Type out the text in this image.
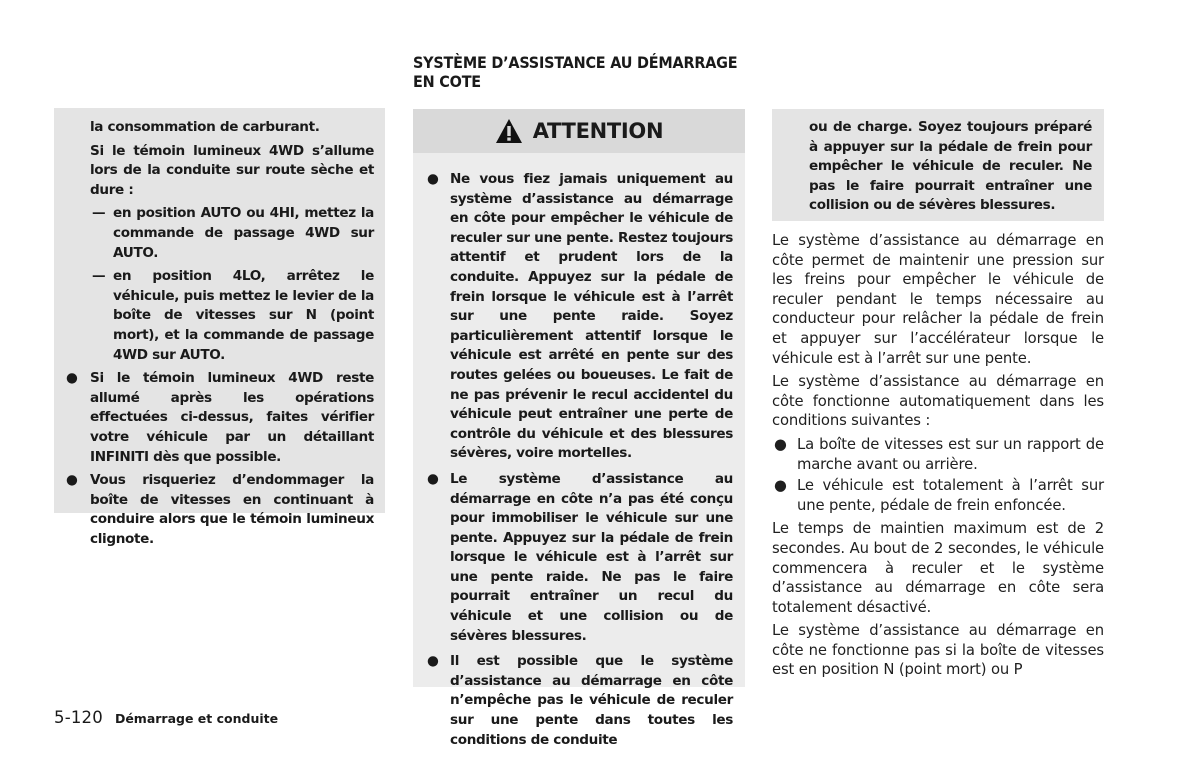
SYSTÈME D’ASSISTANCE AU DÉMARRAGE
EN COTE

la consommation de carburant.

Si le témoin lumineux 4WD s’allume lors de la conduite sur route sèche et dure :

— en position AUTO ou 4HI, mettez la commande de passage 4WD sur AUTO.
— en position 4LO, arrêtez le véhicule, puis mettez le levier de la boîte de vitesses sur N (point mort), et la commande de passage 4WD sur AUTO.
● Si le témoin lumineux 4WD reste allumé après les opérations effectuées ci-dessus, faites vérifier votre véhicule par un détaillant INFINITI dès que possible.
● Vous risqueriez d’endommager la boîte de vitesses en continuant à conduire alors que le témoin lumineux clignote.
ATTENTION
● Ne vous fiez jamais uniquement au système d’assistance au démarrage en côte pour empêcher le véhicule de reculer sur une pente. Restez toujours attentif et prudent lors de la conduite. Appuyez sur la pédale de frein lorsque le véhicule est à l’arrêt sur une pente raide. Soyez particulièrement attentif lorsque le véhicule est arrêté en pente sur des routes gelées ou boueuses. Le fait de ne pas prévenir le recul accidentel du véhicule peut entraîner une perte de contrôle du véhicule et des blessures sévères, voire mortelles.
● Le système d’assistance au démarrage en côte n’a pas été conçu pour immobiliser le véhicule sur une pente. Appuyez sur la pédale de frein lorsque le véhicule est à l’arrêt sur une pente raide. Ne pas le faire pourrait entraîner un recul du véhicule et une collision ou de sévères blessures.
● Il est possible que le système d’assistance au démarrage en côte n’empêche pas le véhicule de reculer sur une pente dans toutes les conditions de conduite
ou de charge. Soyez toujours préparé à appuyer sur la pédale de frein pour empêcher le véhicule de reculer. Ne pas le faire pourrait entraîner une collision ou de sévères blessures.

Le système d’assistance au démarrage en côte permet de maintenir une pression sur les freins pour empêcher le véhicule de reculer pendant le temps nécessaire au conducteur pour relâcher la pédale de frein et appuyer sur l’accélérateur lorsque le véhicule est à l’arrêt sur une pente.

Le système d’assistance au démarrage en côte fonctionne automatiquement dans les conditions suivantes :

● La boîte de vitesses est sur un rapport de marche avant ou arrière.
● Le véhicule est totalement à l’arrêt sur une pente, pédale de frein enfoncée.

Le temps de maintien maximum est de 2 secondes. Au bout de 2 secondes, le véhicule commencera à reculer et le système d’assistance au démarrage en côte sera totalement désactivé.

Le système d’assistance au démarrage en côte ne fonctionne pas si la boîte de vitesses est en position N (point mort) ou P

5-120 Démarrage et conduite
